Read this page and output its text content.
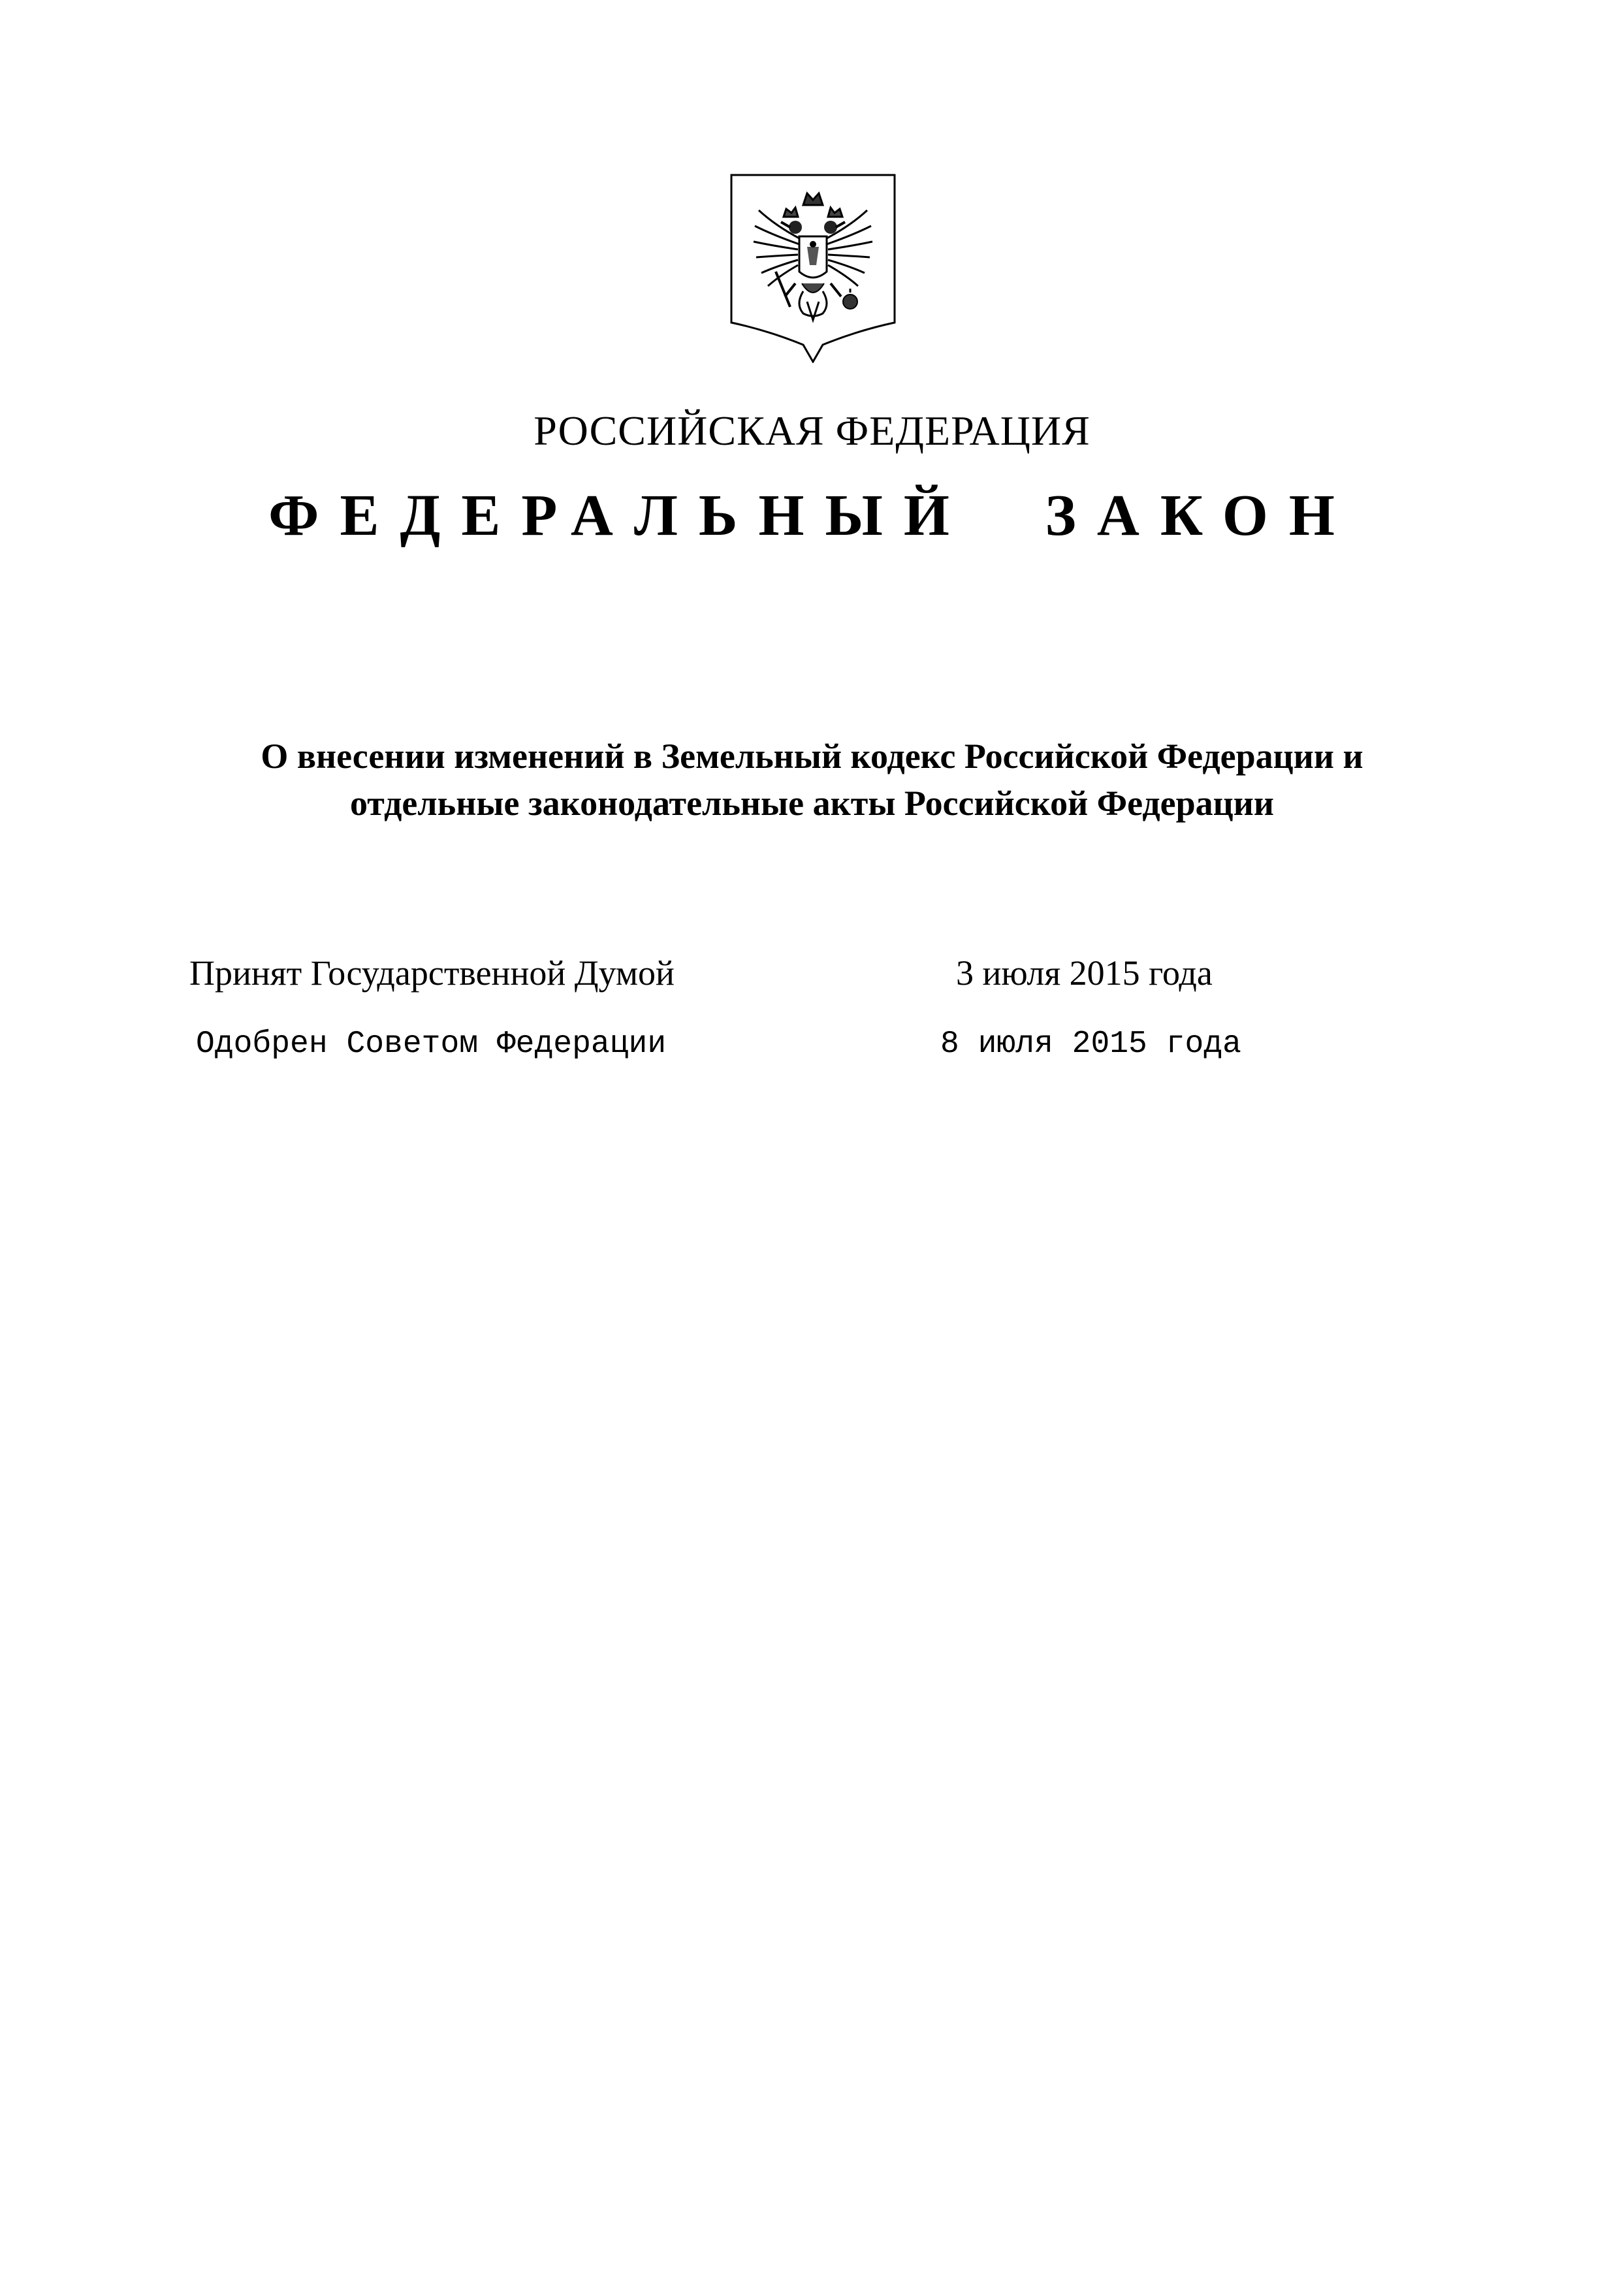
РОССИЙСКАЯ ФЕДЕРАЦИЯ
ФЕДЕРАЛЬНЫЙ ЗАКОН
О внесении изменений в Земельный кодекс Российской Федерации и
отдельные законодательные акты Российской Федерации
Принят Государственной Думой	3 июля 2015 года
Одобрен Советом Федерации	8 июля 2015 года
